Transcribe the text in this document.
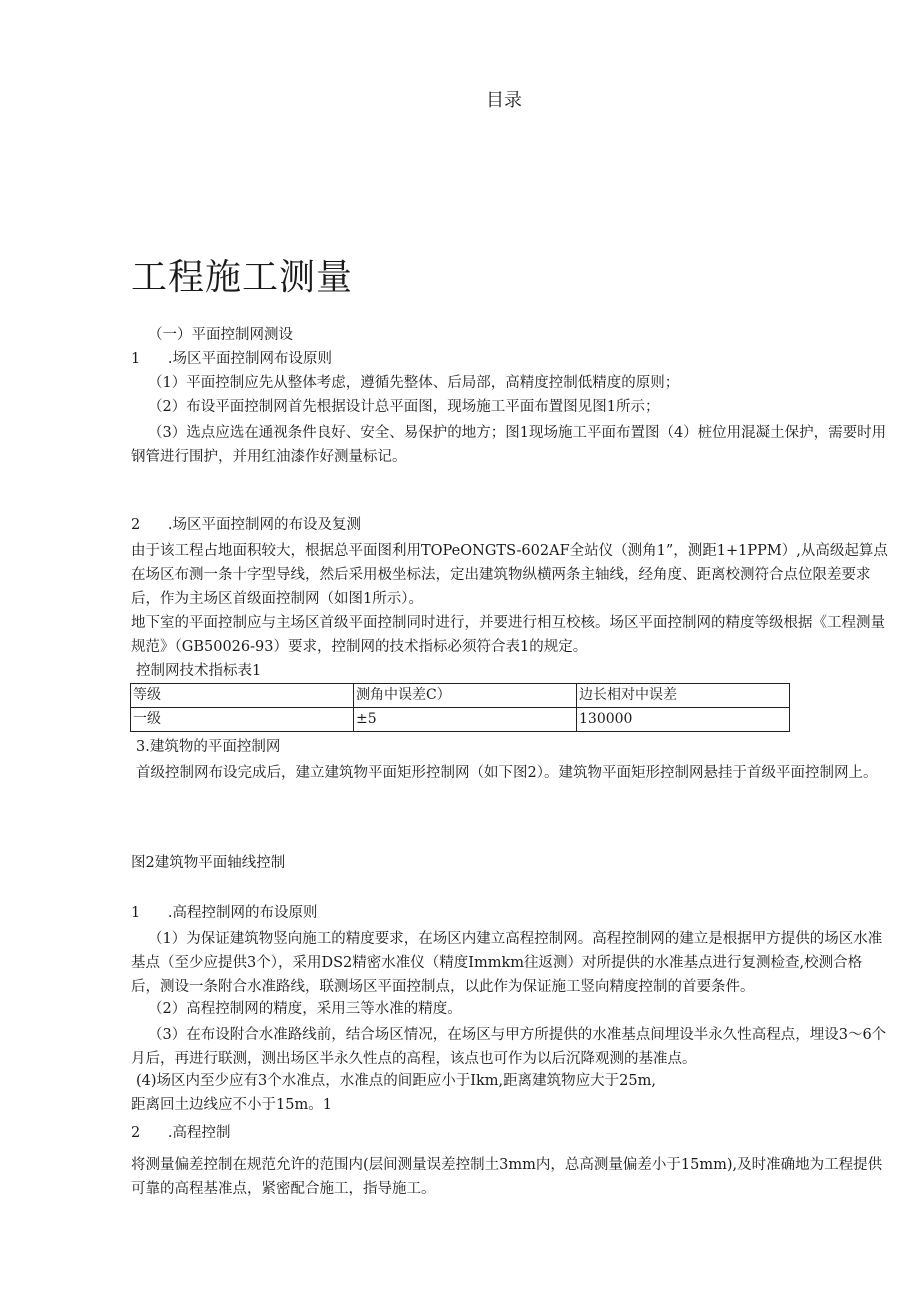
目录
工程施工测量
（一）平面控制网测设
1	.场区平面控制网布设原则
（1）平面控制应先从整体考虑，遵循先整体、后局部，高精度控制低精度的原则；
（2）布设平面控制网首先根据设计总平面图，现场施工平面布置图见图1所示；
（3）选点应选在通视条件良好、安全、易保护的地方；图1现场施工平面布置图（4）桩位用混凝土保护，需要时用钢管进行围护，并用红油漆作好测量标记。
2	.场区平面控制网的布设及复测
由于该工程占地面积较大，根据总平面图利用TOPeONGTS-602AF全站仪（测角1”，测距1+1PPM）,从高级起算点在场区布测一条十字型导线，然后采用极坐标法，定出建筑物纵横两条主轴线，经角度、距离校测符合点位限差要求后，作为主场区首级面控制网（如图1所示）。
地下室的平面控制应与主场区首级平面控制同时进行，并要进行相互校核。场区平面控制网的精度等级根据《工程测量规范》（GB50026-93）要求，控制网的技术指标必须符合表1的规定。
控制网技术指标表1
等级	测角中误差C）	边长相对中误差
一级	±5	130000
3.建筑物的平面控制网
首级控制网布设完成后，建立建筑物平面矩形控制网（如下图2）。建筑物平面矩形控制网悬挂于首级平面控制网上。
图2建筑物平面轴线控制
1	.高程控制网的布设原则
（1）为保证建筑物竖向施工的精度要求，在场区内建立高程控制网。高程控制网的建立是根据甲方提供的场区水准基点（至少应提供3个），采用DS2精密水准仪（精度Immkm往返测）对所提供的水准基点进行复测检查,校测合格后，测设一条附合水准路线，联测场区平面控制点，以此作为保证施工竖向精度控制的首要条件。
（2）高程控制网的精度，采用三等水准的精度。
（3）在布设附合水准路线前，结合场区情况，在场区与甲方所提供的水准基点间埋设半永久性高程点，埋设3～6个月后，再进行联测，测出场区半永久性点的高程，该点也可作为以后沉降观测的基准点。
(4)场区内至少应有3个水准点，水准点的间距应小于Ikm,距离建筑物应大于25m,
距离回土边线应不小于15m。1
2	.高程控制
将测量偏差控制在规范允许的范围内(层间测量误差控制土3mm内，总高测量偏差小于15mm),及时准确地为工程提供可靠的高程基准点，紧密配合施工，指导施工。
